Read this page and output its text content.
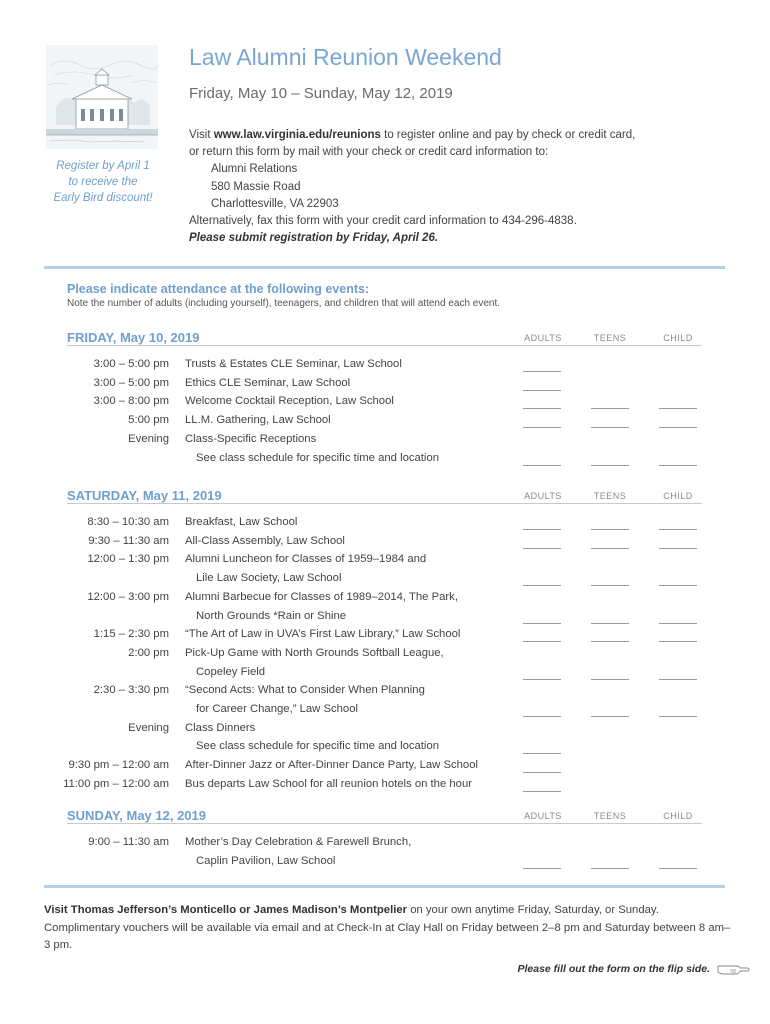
Law Alumni Reunion Weekend
Friday, May 10 – Sunday, May 12, 2019
Register by April 1
to receive the
Early Bird discount!
Visit www.law.virginia.edu/reunions to register online and pay by check or credit card,
or return this form by mail with your check or credit card information to:
Alumni Relations
580 Massie Road
Charlottesville, VA 22903
Alternatively, fax this form with your credit card information to 434-296-4838.
Please submit registration by Friday, April 26.
Please indicate attendance at the following events:
Note the number of adults (including yourself), teenagers, and children that will attend each event.
FRIDAY, May 10, 2019	ADULTS	TEENS	CHILD
3:00 – 5:00 pm Trusts & Estates CLE Seminar, Law School
3:00 – 5:00 pm Ethics CLE Seminar, Law School
3:00 – 8:00 pm Welcome Cocktail Reception, Law School
5:00 pm LL.M. Gathering, Law School
Evening Class-Specific Receptions
See class schedule for specific time and location
SATURDAY, May 11, 2019	ADULTS	TEENS	CHILD
8:30 – 10:30 am Breakfast, Law School
9:30 – 11:30 am All-Class Assembly, Law School
12:00 – 1:30 pm Alumni Luncheon for Classes of 1959–1984 and
Lile Law Society, Law School
12:00 – 3:00 pm Alumni Barbecue for Classes of 1989–2014, The Park,
North Grounds *Rain or Shine
1:15 – 2:30 pm “The Art of Law in UVA’s First Law Library,” Law School
2:00 pm Pick-Up Game with North Grounds Softball League,
Copeley Field
2:30 – 3:30 pm “Second Acts: What to Consider When Planning
for Career Change,” Law School
Evening Class Dinners
See class schedule for specific time and location
9:30 pm – 12:00 am After-Dinner Jazz or After-Dinner Dance Party, Law School
11:00 pm – 12:00 am Bus departs Law School for all reunion hotels on the hour
SUNDAY, May 12, 2019	ADULTS	TEENS	CHILD
9:00 – 11:30 am Mother’s Day Celebration & Farewell Brunch,
Caplin Pavilion, Law School
Visit Thomas Jefferson’s Monticello or James Madison’s Montpelier on your own anytime Friday, Saturday, or Sunday. Complimentary vouchers will be available via email and at Check-In at Clay Hall on Friday between 2–8 pm and Saturday between 8 am–3 pm.
Please fill out the form on the flip side.
